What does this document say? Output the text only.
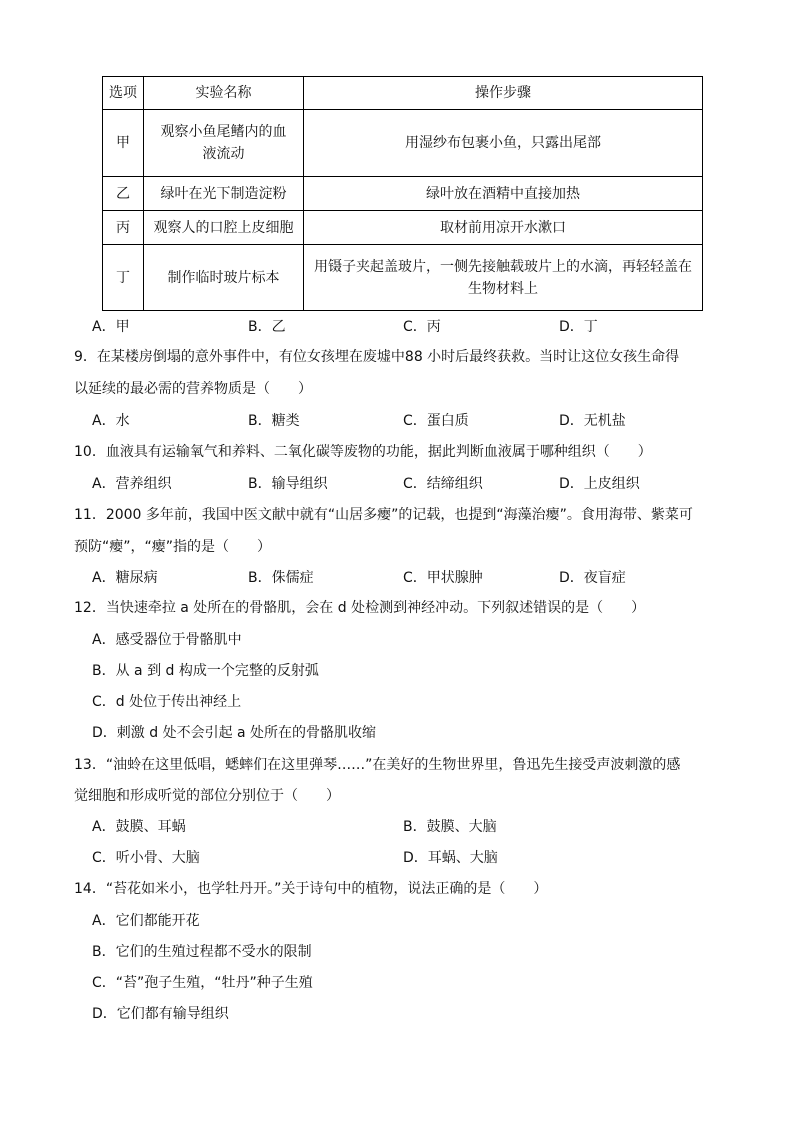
选项	实验名称	操作步骤
甲	观察小鱼尾鳍内的血液流动	用湿纱布包裹小鱼，只露出尾部
乙	绿叶在光下制造淀粉	绿叶放在酒精中直接加热
丙	观察人的口腔上皮细胞	取材前用凉开水漱口
丁	制作临时玻片标本	用镊子夹起盖玻片，一侧先接触载玻片上的水滴，再轻轻盖在生物材料上
A．甲	B．乙	C．丙	D．丁
9．在某楼房倒塌的意外事件中，有位女孩埋在废墟中88 小时后最终获救。当时让这位女孩生命得
以延续的最必需的营养物质是（　　）
A．水	B．糖类	C．蛋白质	D．无机盐
10．血液具有运输氧气和养料、二氧化碳等废物的功能，据此判断血液属于哪种组织（　　）
A．营养组织	B．输导组织	C．结缔组织	D．上皮组织
11．2000 多年前，我国中医文献中就有“山居多瘿”的记载，也提到“海藻治瘿”。食用海带、紫菜可
预防“瘿”，“瘿”指的是（　　）
A．糖尿病	B．侏儒症	C．甲状腺肿	D．夜盲症
12．当快速牵拉 a 处所在的骨骼肌，会在 d 处检测到神经冲动。下列叙述错误的是（　　）
A．感受器位于骨骼肌中
B．从 a 到 d 构成一个完整的反射弧
C．d 处位于传出神经上
D．刺激 d 处不会引起 a 处所在的骨骼肌收缩
13．“油蛉在这里低唱，蟋蟀们在这里弹琴……”在美好的生物世界里，鲁迅先生接受声波刺激的感
觉细胞和形成听觉的部位分别位于（　　）
A．鼓膜、耳蜗	B．鼓膜、大脑
C．听小骨、大脑	D．耳蜗、大脑
14．“苔花如米小，也学牡丹开。”关于诗句中的植物，说法正确的是（　　）
A．它们都能开花
B．它们的生殖过程都不受水的限制
C．“苔”孢子生殖，“牡丹”种子生殖
D．它们都有输导组织
